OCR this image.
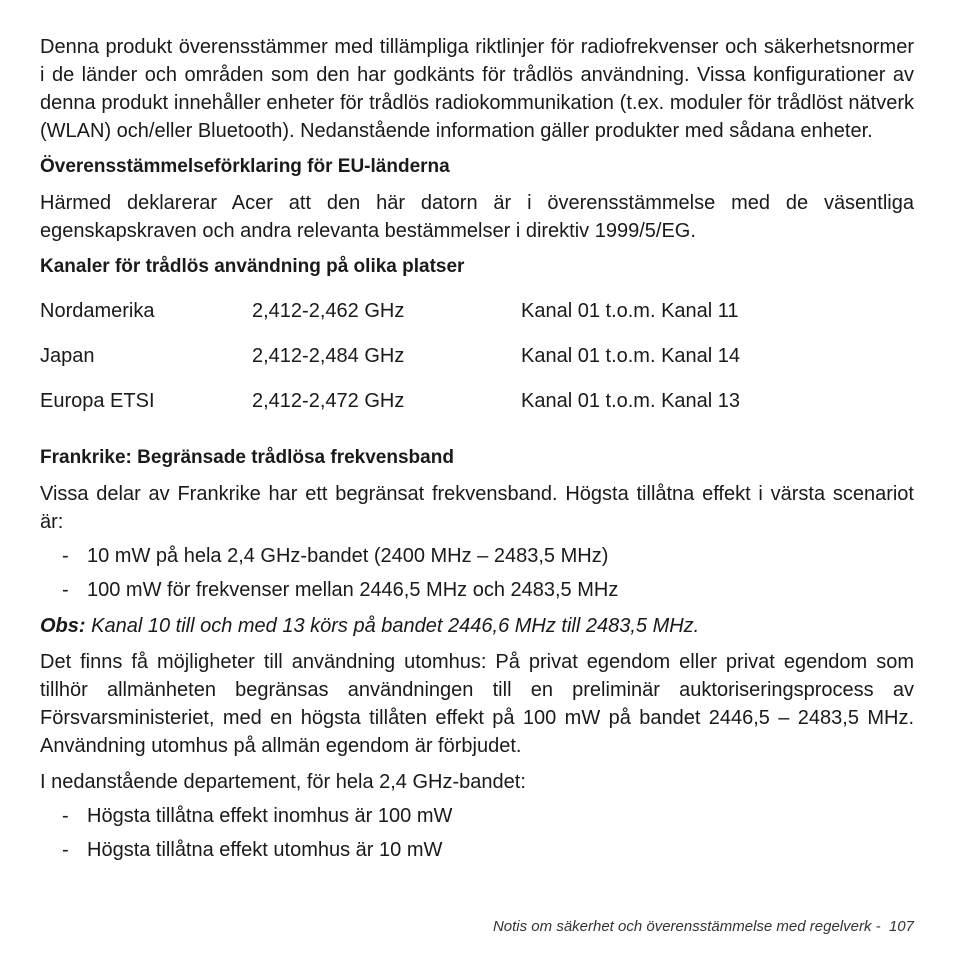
Denna produkt överensstämmer med tillämpliga riktlinjer för radiofrekvenser och säkerhetsnormer i de länder och områden som den har godkänts för trådlös användning. Vissa konfigurationer av denna produkt innehåller enheter för trådlös radiokommunikation (t.ex. moduler för trådlöst nätverk (WLAN) och/eller Bluetooth). Nedanstående information gäller produkter med sådana enheter.

Överensstämmelseförklaring för EU-länderna

Härmed deklarerar Acer att den här datorn är i överensstämmelse med de väsentliga egenskapskraven och andra relevanta bestämmelser i direktiv 1999/5/EG.

Kanaler för trådlös användning på olika platser

Nordamerika	2,412-2,462 GHz	Kanal 01 t.o.m. Kanal 11
Japan	2,412-2,484 GHz	Kanal 01 t.o.m. Kanal 14
Europa ETSI	2,412-2,472 GHz	Kanal 01 t.o.m. Kanal 13

Frankrike: Begränsade trådlösa frekvensband

Vissa delar av Frankrike har ett begränsat frekvensband. Högsta tillåtna effekt i värsta scenariot är:

- 10 mW på hela 2,4 GHz-bandet (2400 MHz – 2483,5 MHz)
- 100 mW för frekvenser mellan 2446,5 MHz och 2483,5 MHz

Obs: Kanal 10 till och med 13 körs på bandet 2446,6 MHz till 2483,5 MHz.

Det finns få möjligheter till användning utomhus: På privat egendom eller privat egendom som tillhör allmänheten begränsas användningen till en preliminär auktoriseringsprocess av Försvarsministeriet, med en högsta tillåten effekt på 100 mW på bandet 2446,5 – 2483,5 MHz. Användning utomhus på allmän egendom är förbjudet.

I nedanstående departement, för hela 2,4 GHz-bandet:

- Högsta tillåtna effekt inomhus är 100 mW
- Högsta tillåtna effekt utomhus är 10 mW
Notis om säkerhet och överensstämmelse med regelverk - 107
